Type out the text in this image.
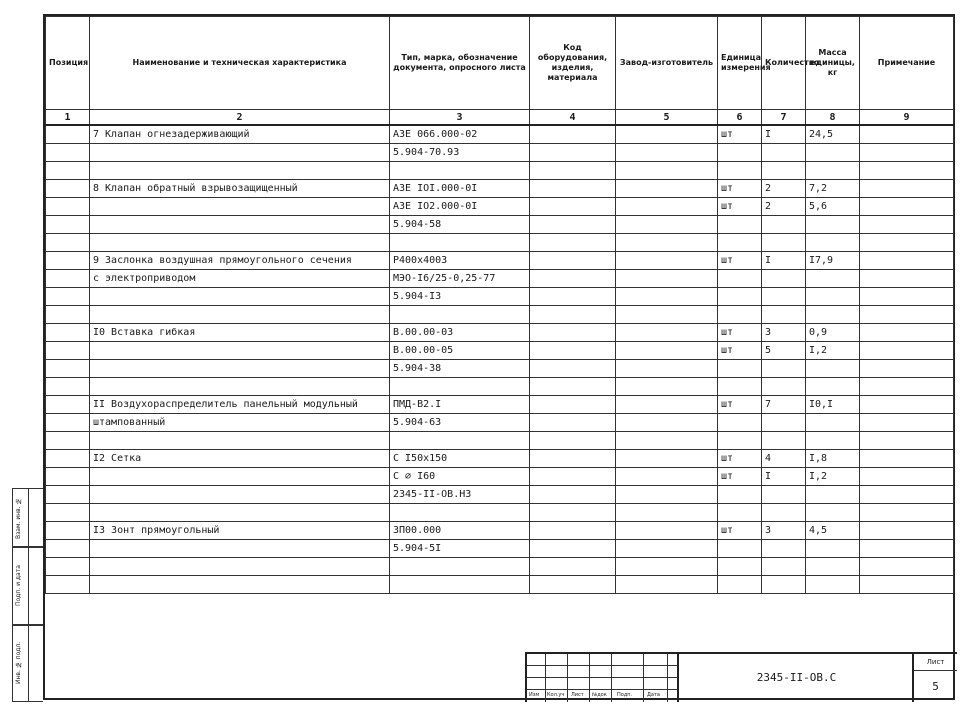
Позиция	Наименование и техническая характеристика	Тип, марка, обозначение документа, опросного листа	Код оборудования, изделия, материала	Завод-изготовитель	Единица измерения	Количество	Масса единицы, кг	Примечание
1	2	3	4	5	6	7	8	9
	7 Клапан огнезадерживающий	АЗЕ 066.000-02			шт	I	24,5	
		5.904-70.93						

	8 Клапан обратный взрывозащищенный	АЗЕ IOI.000-0I			шт	2	7,2	
		АЗЕ IO2.000-0I			шт	2	5,6	
		5.904-58						

	9 Заслонка воздушная прямоугольного сечения	Р400х400З			шт	I	I7,9	
	с электроприводом	МЭО-I6/25-0,25-77						
		5.904-I3						

	I0 Вставка гибкая	В.00.00-03			шт	3	0,9	
		В.00.00-05			шт	5	I,2	
		5.904-38						

	II Воздухораспределитель панельный модульный	ПМД-В2.I			шт	7	I0,I	
	штампованный	5.904-63						

	I2 Сетка	С I50х150			шт	4	I,8	
		С ∅ I60			шт	I	I,2	
		2345-II-ОВ.НЗ						

	I3 Зонт прямоугольный	ЗП00.000			шт	3	4,5	
		5.904-5I						

Изм Кол.уч Лист №док Подп.	Дата
2345-II-ОВ.С
Лист
5
Взам. инв. №
Подп. и дата
Инв. № подл.
